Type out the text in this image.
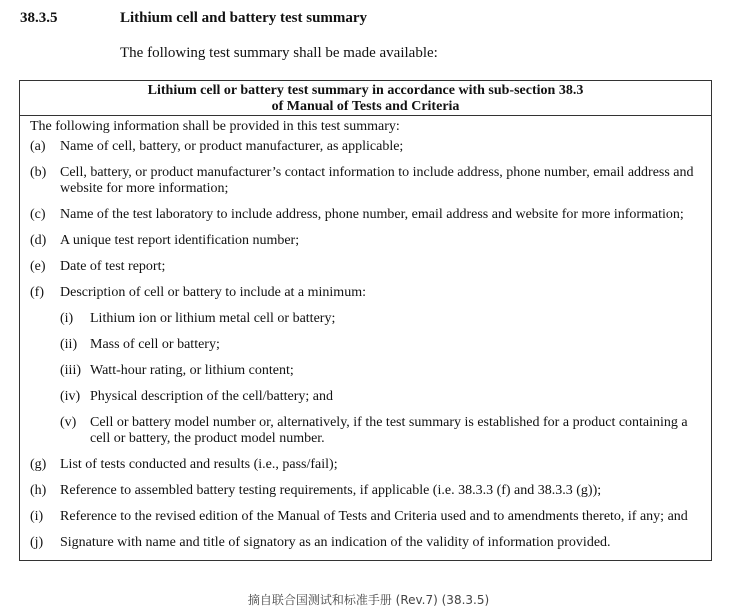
38.3.5	Lithium cell and battery test summary
The following test summary shall be made available:
Lithium cell or battery test summary in accordance with sub-section 38.3
of Manual of Tests and Criteria
The following information shall be provided in this test summary:
(a)	Name of cell, battery, or product manufacturer, as applicable;
(b) Cell, battery, or product manufacturer’s contact information to include address, phone number, email address and website for more information;
(c)	Name of the test laboratory to include address, phone number, email address and website for more information;
(d) A unique test report identification number;
(e)	Date of test report;
(f)	Description of cell or battery to include at a minimum:
(i)	Lithium ion or lithium metal cell or battery;
(ii) Mass of cell or battery;
(iii) Watt-hour rating, or lithium content;
(iv) Physical description of the cell/battery; and
(v) Cell or battery model number or, alternatively, if the test summary is established for a product containing a cell or battery, the product model number.
(g) List of tests conducted and results (i.e., pass/fail);
(h) Reference to assembled battery testing requirements, if applicable (i.e. 38.3.3 (f) and 38.3.3 (g));
(i)	Reference to the revised edition of the Manual of Tests and Criteria used and to amendments thereto, if any; and
(j)	Signature with name and title of signatory as an indication of the validity of information provided.
摘自联合国测试和标准手册 (Rev.7) (38.3.5)
